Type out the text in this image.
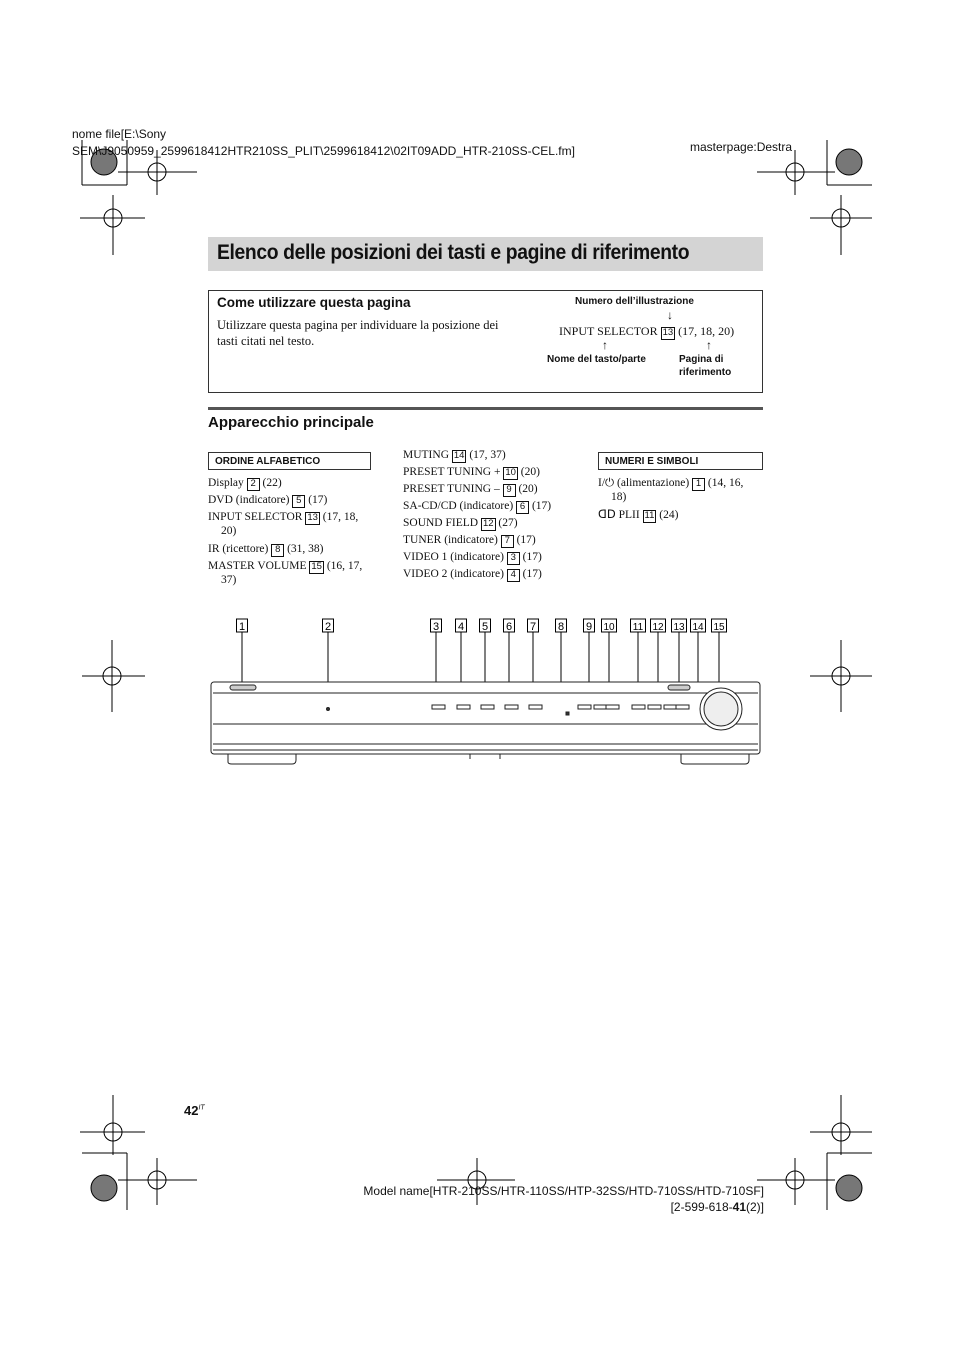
nome file[E:\Sony
SEM\J9050959_2599618412HTR210SS_PLIT\2599618412\02IT09ADD_HTR-210SS-CEL.fm]	masterpage:Destra
Elenco delle posizioni dei tasti e pagine di riferimento
Come utilizzare questa pagina
Utilizzare questa pagina per individuare la posizione dei tasti citati nel testo.
Numero dell’illustrazione
↓
INPUT SELECTOR 13 (17, 18, 20)
↑	↑
Nome del tasto/parte	Pagina di
riferimento
Apparecchio principale
ORDINE ALFABETICO	NUMERI E SIMBOLI
Display 2 (22)
DVD (indicatore) 5 (17)
INPUT SELECTOR 13 (17, 18,
20)
IR (ricettore) 8 (31, 38)
MASTER VOLUME 15 (16, 17,
37)
MUTING 14 (17, 37)
PRESET TUNING + 10 (20)
PRESET TUNING – 9 (20)
SA-CD/CD (indicatore) 6 (17)
SOUND FIELD 12 (27)
TUNER (indicatore) 7 (17)
VIDEO 1 (indicatore) 3 (17)
VIDEO 2 (indicatore) 4 (17)
I/⏻ (alimentazione) 1 (14, 16,
18)
ᗡᗞ PLII 11 (24)
1	2	3 4 5 6 7 8 9 10 11 12 13 14 15
$42^{IT}$
Model name[HTR-210SS/HTR-110SS/HTP-32SS/HTD-710SS/HTD-710SF]
[2-599-618-41(2)]
